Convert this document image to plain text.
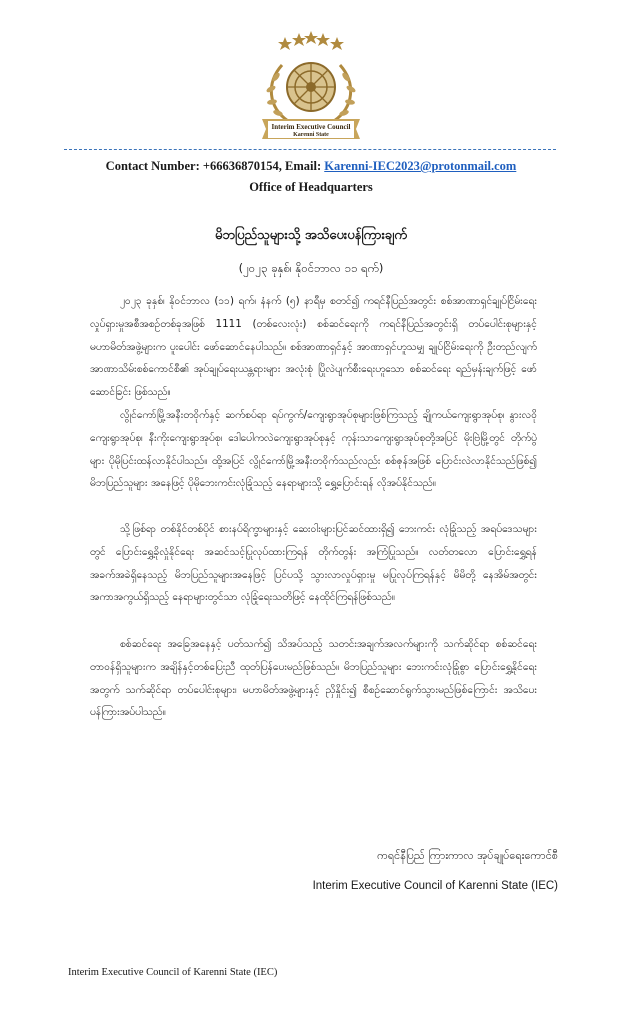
Interim Executive Council
Karenni State
Contact Number: +66636870154, Email: Karenni-IEC2023@protonmail.com
Office of Headquarters
မိဘပြည်သူများသို့ အသိပေးပန်ကြားချက်
(၂၀၂၃ ခုနှစ်၊ နိုဝင်ဘာလ ၁၁ ရက်)

၂၀၂၃ ခုနှစ်၊ နိုဝင်ဘာလ (၁၁) ရက်၊ နံနက် (၅) နာရီမှ စတင်၍ ကရင်နီပြည်အတွင်း စစ်အာဏာရှင်ချုပ်ငြိမ်းရေး လှုပ်ရှားမှုအစီအစဉ်တစ်ခုအဖြစ် 1111 (တစ်လေးလုံး) စစ်ဆင်ရေးကို ကရင်နီပြည်အတွင်းရှိ တပ်ပေါင်းစုများနှင့် မဟာမိတ်အဖွဲ့များက ပူးပေါင်း ဖော်ဆောင်နေပါသည်။ စစ်အာဏာရှင်နှင့် အာဏာရှင်ဟူသမျှ ချုပ်ငြိမ်းရေးကို ဦးတည်လျက် အာဏာသိမ်းစစ်ကောင်စီ၏ အုပ်ချုပ်ရေးယန္တရားများ အလုံးစုံ ပြိုလဲပျက်စီးရေးဟူသော စစ်ဆင်ရေး ရည်မှန်းချက်ဖြင့် ဖော်ဆောင်ခြင်း ဖြစ်သည်။

လွိုင်ကော်မြို့အနီးတဝိုက်နှင့် ဆက်စပ်ရာ ရပ်ကွက်/ကျေးရွာအုပ်စုများဖြစ်ကြသည့် ချိုကယ်ကျေးရွာအုပ်စု၊ နွားလဝိုကျေးရွာအုပ်စု၊ နီးကိုးကျေးရွာအုပ်စု၊ ဒေါပေါကလဲကျေးရွာအုပ်စုနှင့် ကုန်းသာကျေးရွာအုပ်စုတို့အပြင် မိုးဗြဲမြို့တွင် တိုက်ပွဲများ ပိုမိုပြင်းထန်လာနိုင်ပါသည်။ ထို့အပြင် လွိုင်ကော်မြို့အနီးတဝိုက်သည်လည်း စစ်ဇုန်အဖြစ် ပြောင်းလဲလာနိုင်သည်ဖြစ်၍ မိဘပြည်သူများ အနေဖြင့် ပိုမိုဘေးကင်းလုံခြုံသည့် နေရာများသို့ ရွှေ့ပြောင်းရန် လိုအပ်နိုင်သည်။

သို့ဖြစ်ရာ တစ်နိုင်တစ်ပိုင် စားနပ်ရိက္ခာများနှင့် ဆေးဝါးများပြင်ဆင်ထားရှိ၍ ဘေးကင်း လုံခြုံသည့် အရပ်ဒေသများတွင် ပြောင်းရွှေ့ခိုလှုံနိုင်ရေး အဆင်သင့်ပြုလုပ်ထားကြရန် တိုက်တွန်း အကြံပြုသည်။ လတ်တလော ပြောင်းရွှေ့ရန် အခက်အခဲရှိနေသည့် မိဘပြည်သူများအနေဖြင့် ပြင်ပသို့ သွားလာလှုပ်ရှားမှု မပြုလုပ်ကြရန်နှင့် မိမိတို့ နေအိမ်အတွင်း အကာအကွယ်ရှိသည့် နေရာများတွင်သာ လုံခြုံရေးသတိဖြင့် နေထိုင်ကြရန်ဖြစ်သည်။

စစ်ဆင်ရေး အခြေအနေနှင့် ပတ်သက်၍ သိအပ်သည့် သတင်းအချက်အလက်များကို သက်ဆိုင်ရာ စစ်ဆင်ရေးတာဝန်ရှိသူများက အချိန်နှင့်တစ်ပြေးညီ ထုတ်ပြန်ပေးမည်ဖြစ်သည်။ မိဘပြည်သူများ ဘေးကင်းလုံခြုံစွာ ပြောင်းရွှေ့နိုင်ရေးအတွက် သက်ဆိုင်ရာ တပ်ပေါင်းစုများ၊ မဟာမိတ်အဖွဲ့များနှင့် ညှိနှိုင်း၍ စီစဉ်ဆောင်ရွက်သွားမည်ဖြစ်ကြောင်း အသိပေးပန်ကြားအပ်ပါသည်။

ကရင်နီပြည် ကြားကာလ အုပ်ချုပ်ရေးကောင်စီ
Interim Executive Council of Karenni State (IEC)
Interim Executive Council of Karenni State (IEC)
